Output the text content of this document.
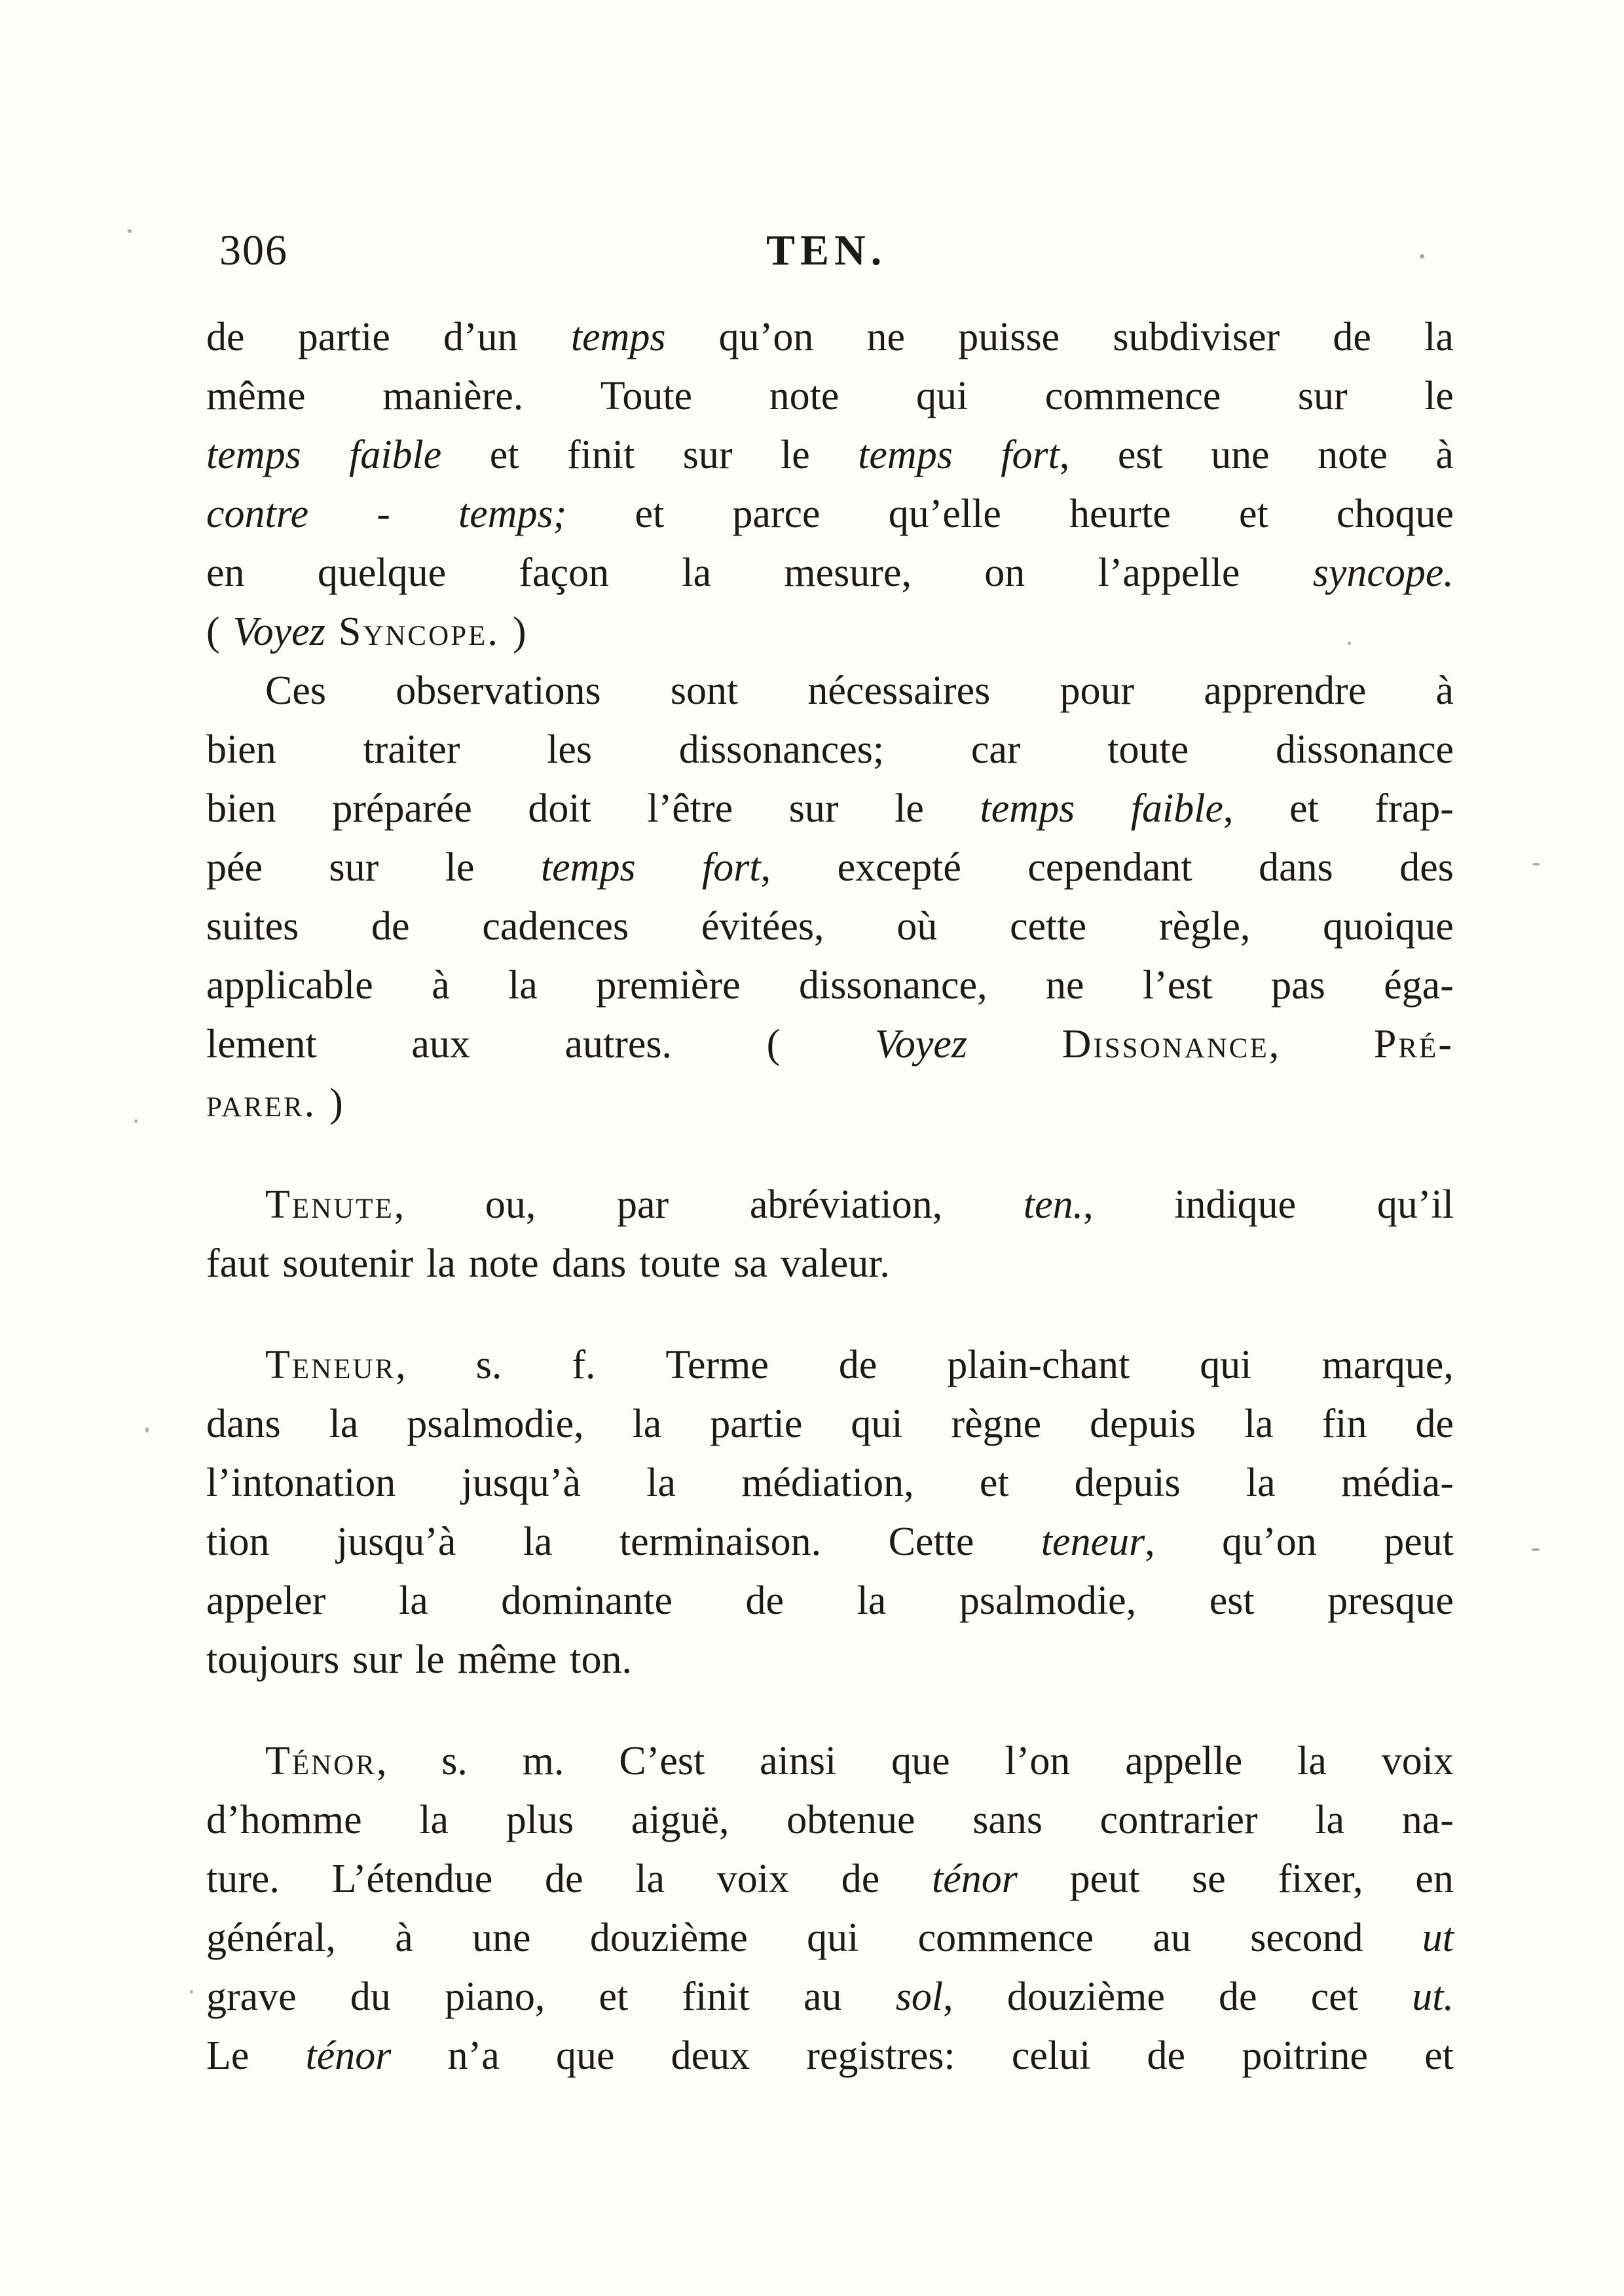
306	TEN.
de partie d’un temps qu’on ne puisse subdiviser de la
même manière. Toute note qui commence sur le
temps faible et finit sur le temps fort, est une note à
contre - temps; et parce qu’elle heurte et choque
en quelque façon la mesure, on l’appelle syncope.
( Voyez Syncope. )
Ces observations sont nécessaires pour apprendre à
bien traiter les dissonances; car toute dissonance
bien préparée doit l’être sur le temps faible, et frap-
pée sur le temps fort, excepté cependant dans des
suites de cadences évitées, où cette règle, quoique
applicable à la première dissonance, ne l’est pas éga-
lement aux autres. ( Voyez Dissonance, Pré-
parer. )
Tenute, ou, par abréviation, ten., indique qu’il
faut soutenir la note dans toute sa valeur.
Teneur, s. f. Terme de plain-chant qui marque,
dans la psalmodie, la partie qui règne depuis la fin de
l’intonation jusqu’à la médiation, et depuis la média-
tion jusqu’à la terminaison. Cette teneur, qu’on peut
appeler la dominante de la psalmodie, est presque
toujours sur le même ton.
Ténor, s. m. C’est ainsi que l’on appelle la voix
d’homme la plus aiguë, obtenue sans contrarier la na-
ture. L’étendue de la voix de ténor peut se fixer, en
général, à une douzième qui commence au second ut
grave du piano, et finit au sol, douzième de cet ut.
Le ténor n’a que deux registres: celui de poitrine et
